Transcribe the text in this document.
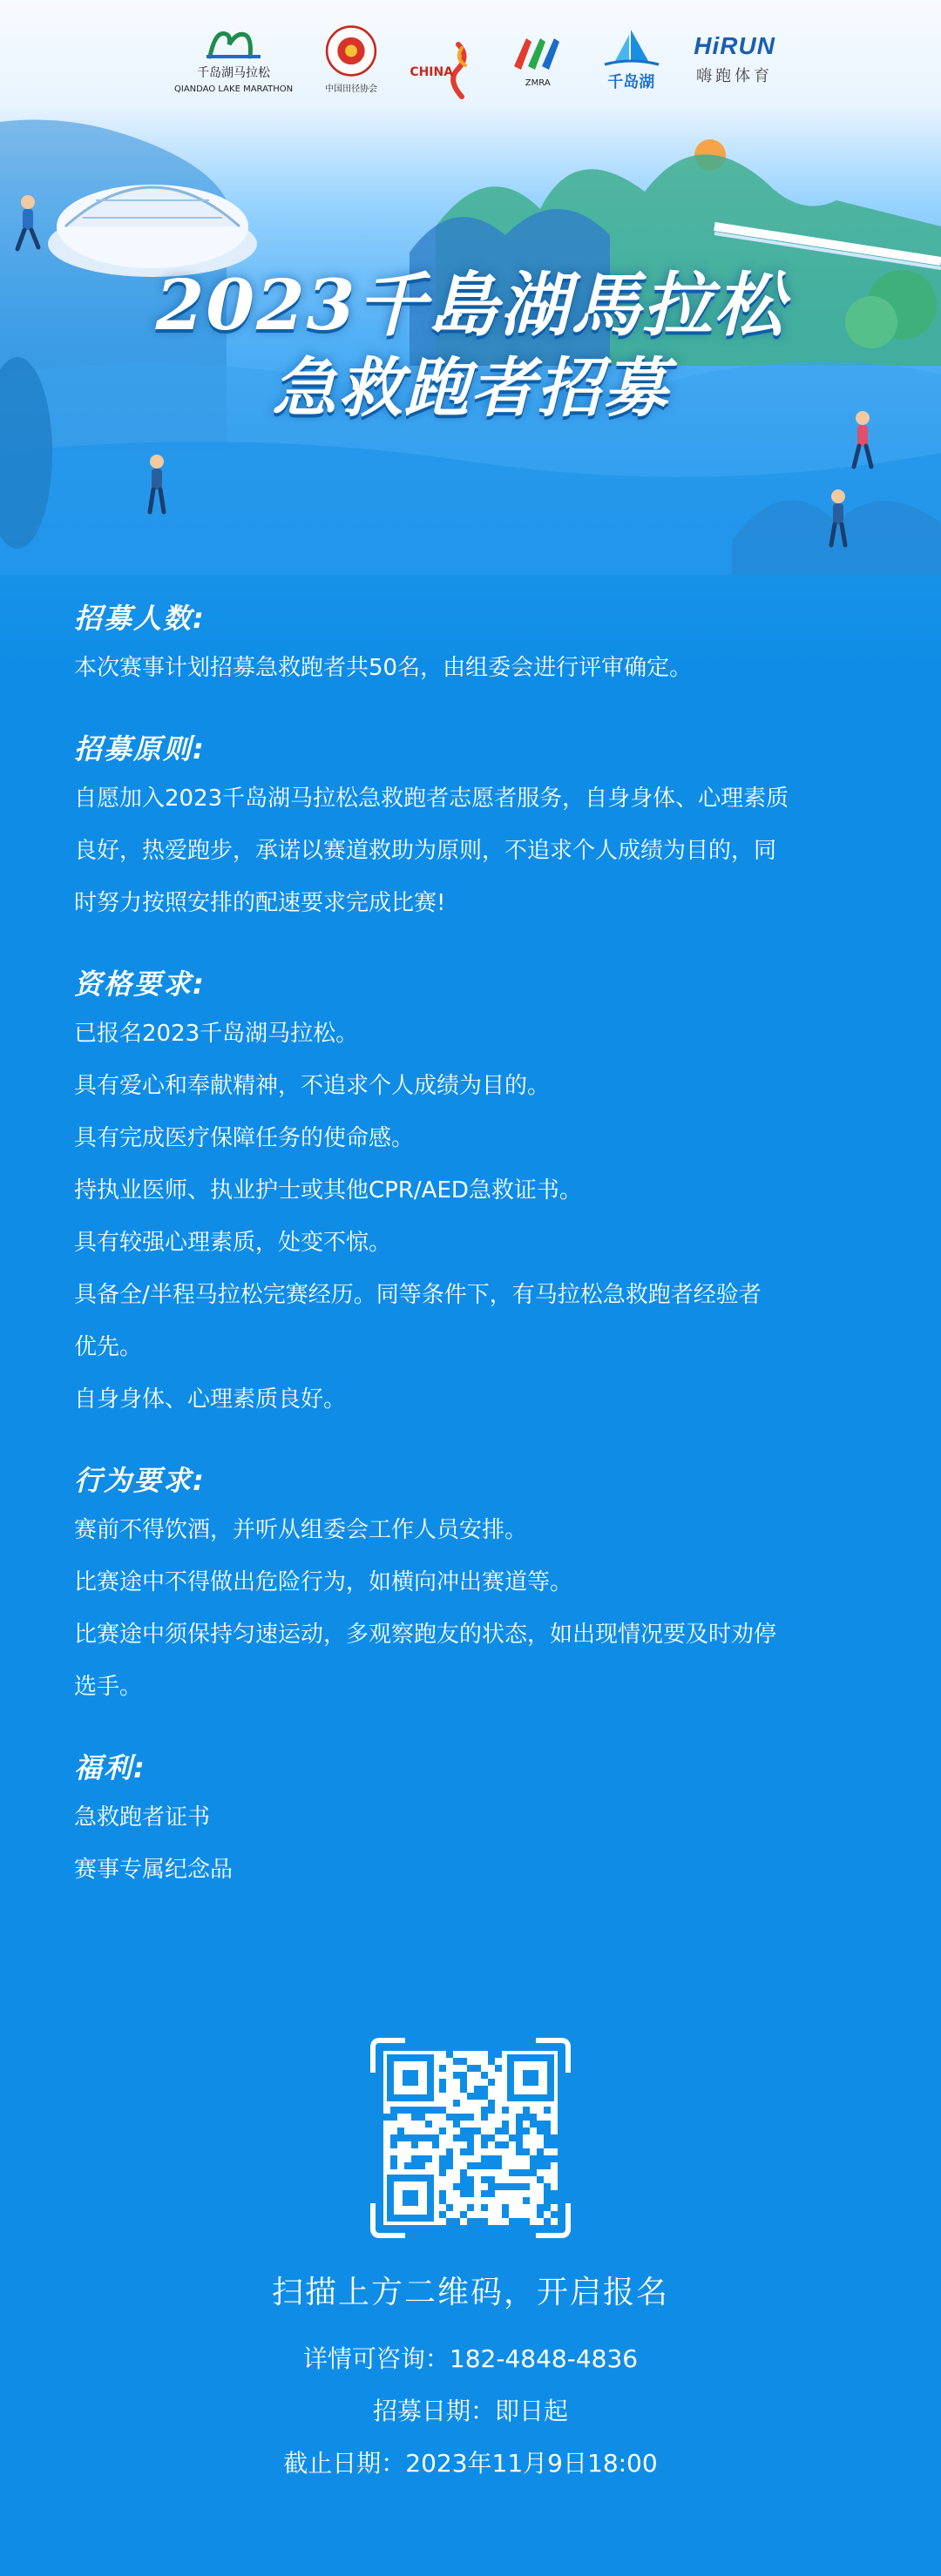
千岛湖马拉松
QIANDAO LAKE MARATHON	中国田径协会
CHINA
ZMRA	千岛湖
HiRUN
嗨跑体育
2023千島湖馬拉松
急救跑者招募
招募人数:

本次赛事计划招募急救跑者共50名，由组委会进行评审确定。

招募原则:

自愿加入2023千岛湖马拉松急救跑者志愿者服务，自身身体、心理素质

良好，热爱跑步，承诺以赛道救助为原则，不追求个人成绩为目的，同

时努力按照安排的配速要求完成比赛!

资格要求:

已报名2023千岛湖马拉松。

具有爱心和奉献精神，不追求个人成绩为目的。

具有完成医疗保障任务的使命感。

持执业医师、执业护士或其他CPR/AED急救证书。

具有较强心理素质，处变不惊。

具备全/半程马拉松完赛经历。同等条件下，有马拉松急救跑者经验者

优先。

自身身体、心理素质良好。

行为要求:

赛前不得饮酒，并听从组委会工作人员安排。

比赛途中不得做出危险行为，如横向冲出赛道等。

比赛途中须保持匀速运动，多观察跑友的状态，如出现情况要及时劝停

选手。

福利:

急救跑者证书

赛事专属纪念品

扫描上方二维码，开启报名
详情可咨询：182-4848-4836
招募日期：即日起
截止日期：2023年11月9日18:00
